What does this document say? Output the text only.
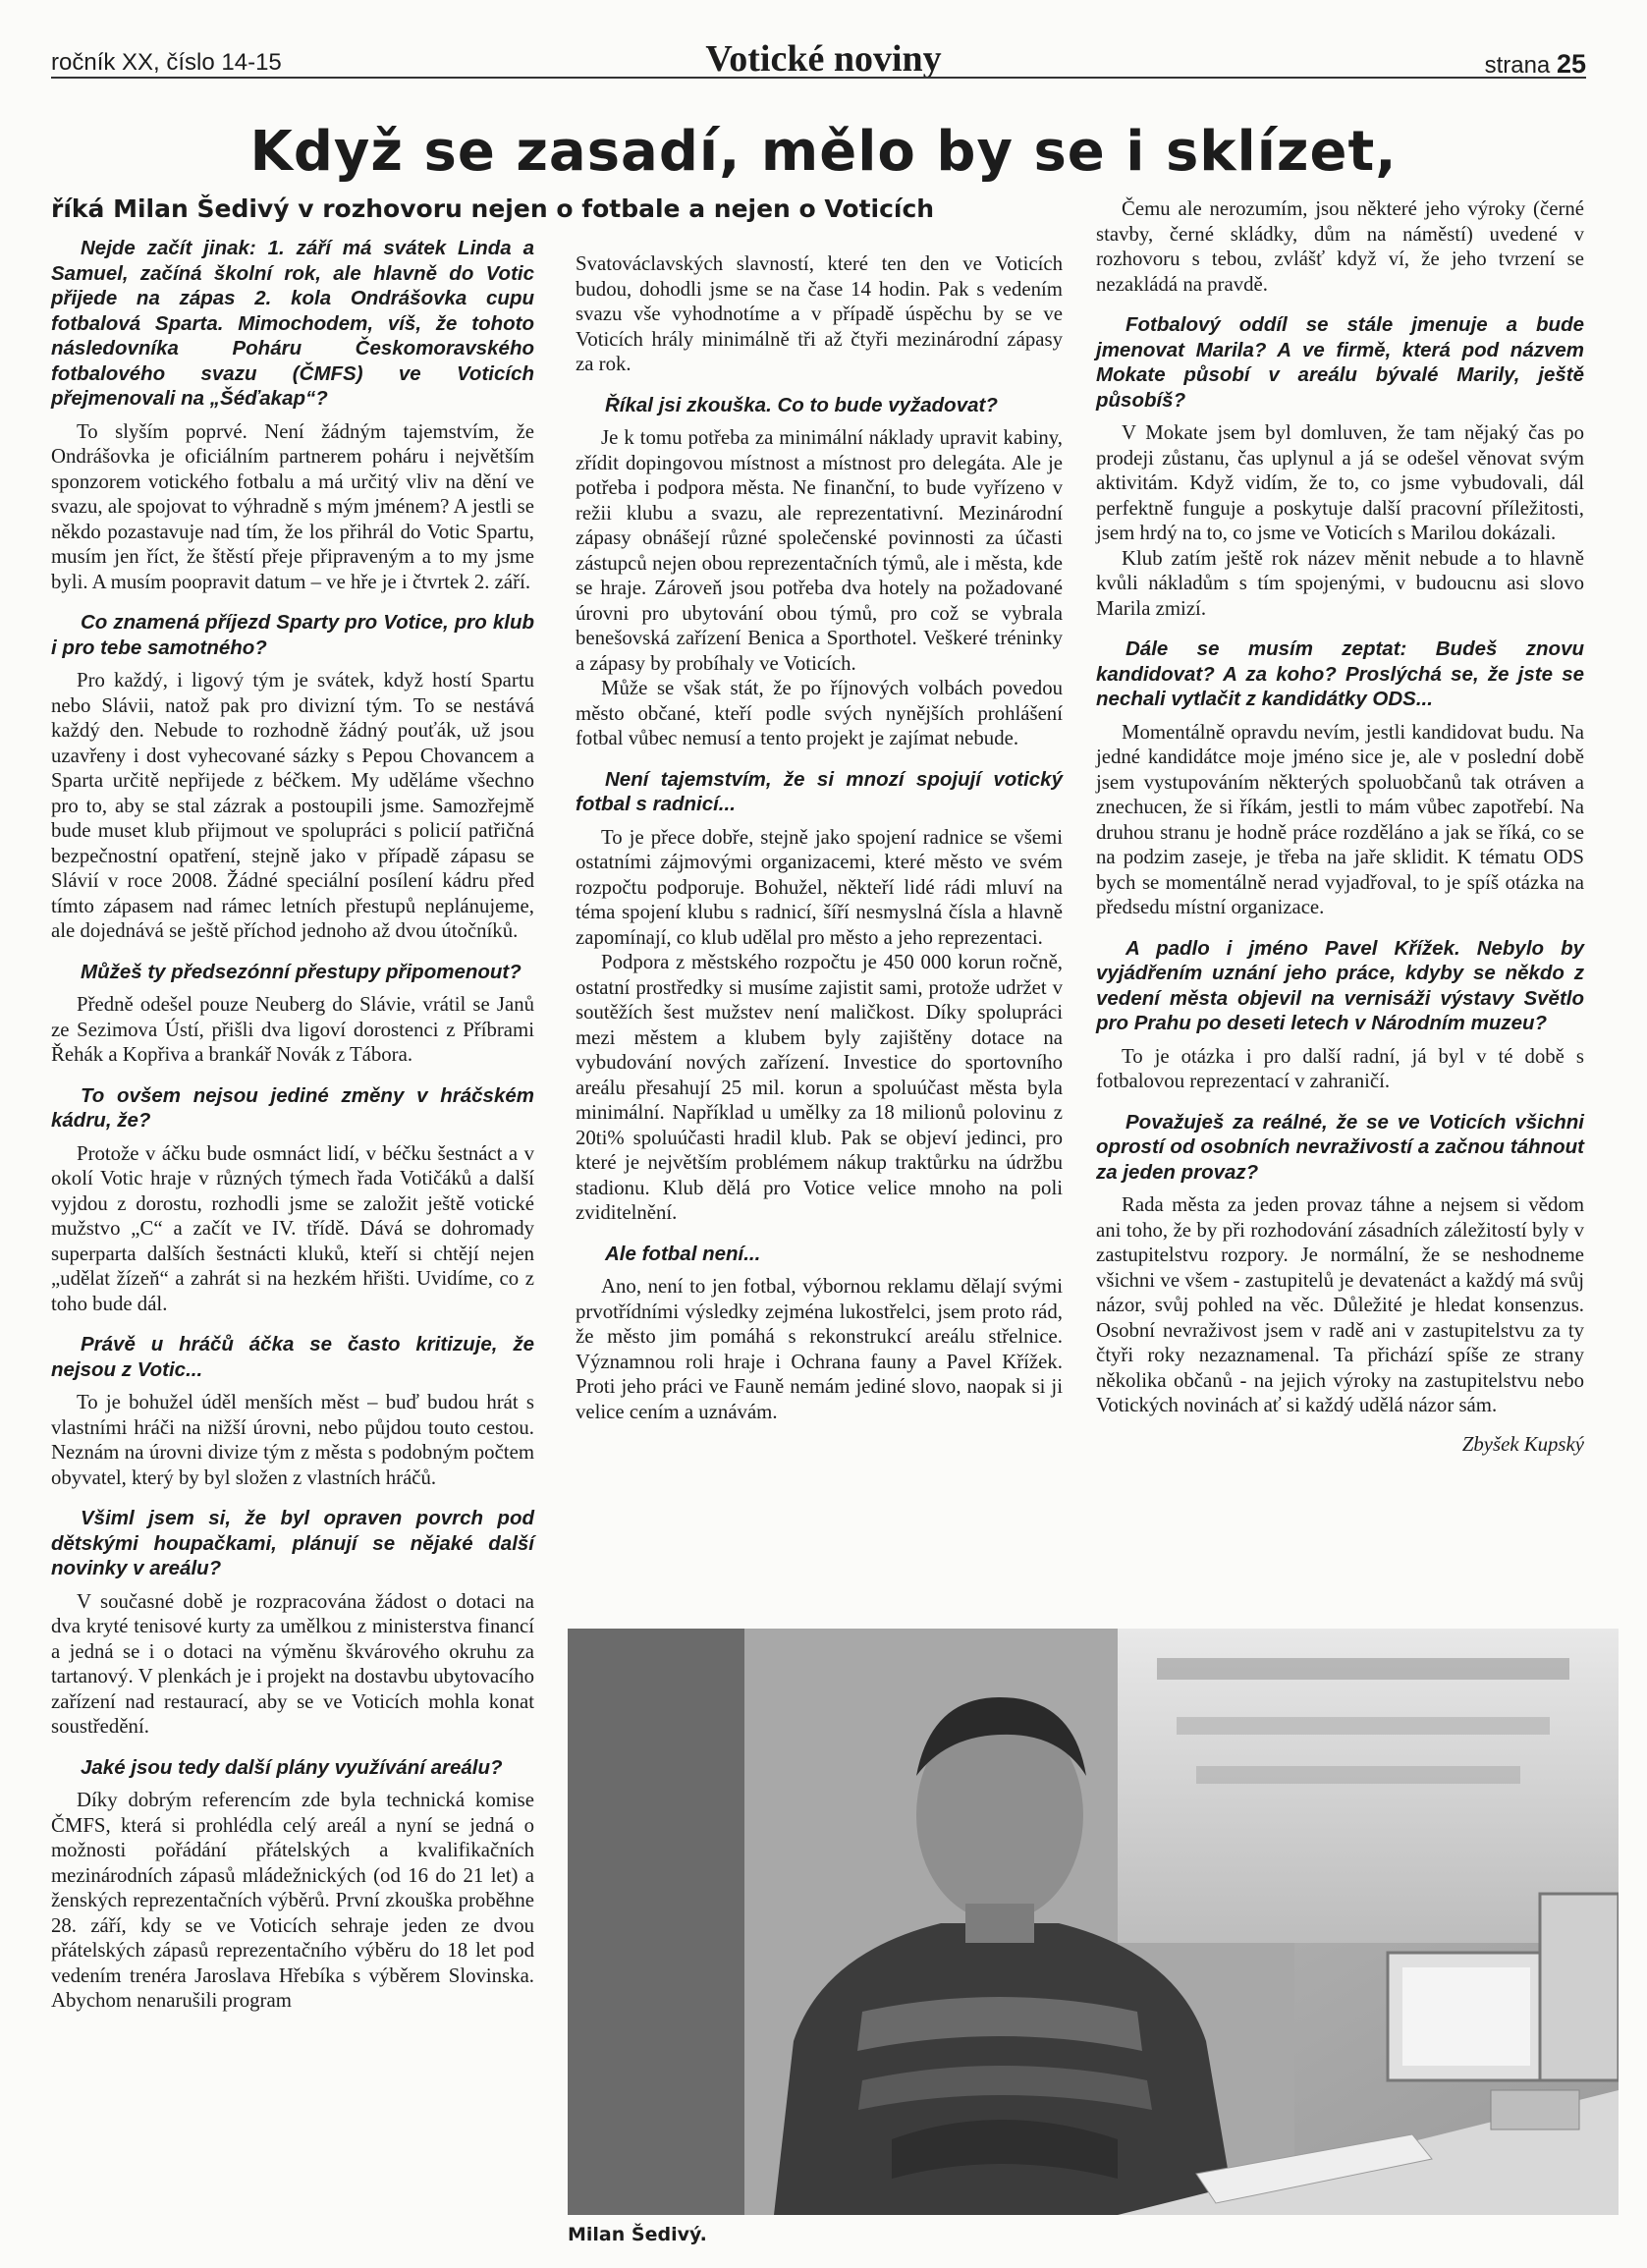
ročník XX, číslo 14-15	Votické noviny	strana 25
Když se zasadí, mělo by se i sklízet,
říká Milan Šedivý v rozhovoru nejen o fotbale a nejen o Voticích

Nejde začít jinak: 1. září má svátek Linda a Samuel, začíná školní rok, ale hlavně do Votic přijede na zápas 2. kola Ondrášovka cupu fotbalová Sparta. Mimochodem, víš, že tohoto následovníka Poháru Českomoravského fotbalového svazu (ČMFS) ve Voticích přejmenovali na „Šéďakap“?

To slyším poprvé. Není žádným tajemstvím, že Ondrášovka je oficiálním partnerem poháru i největším sponzorem votického fotbalu a má určitý vliv na dění ve svazu, ale spojovat to výhradně s mým jménem? A jestli se někdo pozastavuje nad tím, že los přihrál do Votic Spartu, musím jen říct, že štěstí přeje připraveným a to my jsme byli. A musím poopravit datum – ve hře je i čtvrtek 2. září.

Co znamená příjezd Sparty pro Votice, pro klub i pro tebe samotného?

Pro každý, i ligový tým je svátek, když hostí Spartu nebo Slávii, natož pak pro divizní tým. To se nestává každý den. Nebude to rozhodně žádný pouťák, už jsou uzavřeny i dost vyhecované sázky s Pepou Chovancem a Sparta určitě nepřijede z béčkem. My uděláme všechno pro to, aby se stal zázrak a postoupili jsme. Samozřejmě bude muset klub přijmout ve spolupráci s policií patřičná bezpečnostní opatření, stejně jako v případě zápasu se Slávií v roce 2008. Žádné speciální posílení kádru před tímto zápasem nad rámec letních přestupů neplánujeme, ale dojednává se ještě příchod jednoho až dvou útočníků.

Můžeš ty předsezónní přestupy připomenout?

Předně odešel pouze Neuberg do Slávie, vrátil se Janů ze Sezimova Ústí, přišli dva ligoví dorostenci z Příbrami Řehák a Kopřiva a brankář Novák z Tábora.

To ovšem nejsou jediné změny v hráčském kádru, že?

Protože v áčku bude osmnáct lidí, v béčku šestnáct a v okolí Votic hraje v různých týmech řada Votičáků a další vyjdou z dorostu, rozhodli jsme se založit ještě votické mužstvo „C“ a začít ve IV. třídě. Dává se dohromady superparta dalších šestnácti kluků, kteří si chtějí nejen „udělat žízeň“ a zahrát si na hezkém hřišti. Uvidíme, co z toho bude dál.

Právě u hráčů áčka se často kritizuje, že nejsou z Votic...

To je bohužel úděl menších měst – buď budou hrát s vlastními hráči na nižší úrovni, nebo půjdou touto cestou. Neznám na úrovni divize tým z města s podobným počtem obyvatel, který by byl složen z vlastních hráčů.

Všiml jsem si, že byl opraven povrch pod dětskými houpačkami, plánují se nějaké další novinky v areálu?

V současné době je rozpracována žádost o dotaci na dva kryté tenisové kurty za umělkou z ministerstva financí a jedná se i o dotaci na výměnu škvárového okruhu za tartanový. V plenkách je i projekt na dostavbu ubytovacího zařízení nad restaurací, aby se ve Voticích mohla konat soustředění.

Jaké jsou tedy další plány využívání areálu?

Díky dobrým referencím zde byla technická komise ČMFS, která si prohlédla celý areál a nyní se jedná o možnosti pořádání přátelských a kvalifikačních mezinárodních zápasů mládežnických (od 16 do 21 let) a ženských reprezentačních výběrů. První zkouška proběhne 28. září, kdy se ve Voticích sehraje jeden ze dvou přátelských zápasů reprezentačního výběru do 18 let pod vedením trenéra Jaroslava Hřebíka s výběrem Slovinska. Abychom nenarušili program

Svatováclavských slavností, které ten den ve Voticích budou, dohodli jsme se na čase 14 hodin. Pak s vedením svazu vše vyhodnotíme a v případě úspěchu by se ve Voticích hrály minimálně tři až čtyři mezinárodní zápasy za rok.

Říkal jsi zkouška. Co to bude vyžadovat?

Je k tomu potřeba za minimální náklady upravit kabiny, zřídit dopingovou místnost a místnost pro delegáta. Ale je potřeba i podpora města. Ne finanční, to bude vyřízeno v režii klubu a svazu, ale reprezentativní. Mezinárodní zápasy obnášejí různé společenské povinnosti za účasti zástupců nejen obou reprezentačních týmů, ale i města, kde se hraje. Zároveň jsou potřeba dva hotely na požadované úrovni pro ubytování obou týmů, pro což se vybrala benešovská zařízení Benica a Sporthotel. Veškeré tréninky a zápasy by probíhaly ve Voticích.

Může se však stát, že po říjnových volbách povedou město občané, kteří podle svých nynějších prohlášení fotbal vůbec nemusí a tento projekt je zajímat nebude.

Není tajemstvím, že si mnozí spojují votický fotbal s radnicí...

To je přece dobře, stejně jako spojení radnice se všemi ostatními zájmovými organizacemi, které město ve svém rozpočtu podporuje. Bohužel, někteří lidé rádi mluví na téma spojení klubu s radnicí, šíří nesmyslná čísla a hlavně zapomínají, co klub udělal pro město a jeho reprezentaci.

Podpora z městského rozpočtu je 450 000 korun ročně, ostatní prostředky si musíme zajistit sami, protože udržet v soutěžích šest mužstev není maličkost. Díky spolupráci mezi městem a klubem byly zajištěny dotace na vybudování nových zařízení. Investice do sportovního areálu přesahují 25 mil. korun a spoluúčast města byla minimální. Například u umělky za 18 milionů polovinu z 20ti% spoluúčasti hradil klub. Pak se objeví jedinci, pro které je největším problémem nákup traktůrku na údržbu stadionu. Klub dělá pro Votice velice mnoho na poli zviditelnění.

Ale fotbal není...

Ano, není to jen fotbal, výbornou reklamu dělají svými prvotřídními výsledky zejména lukostřelci, jsem proto rád, že město jim pomáhá s rekonstrukcí areálu střelnice. Významnou roli hraje i Ochrana fauny a Pavel Křížek. Proti jeho práci ve Fauně nemám jediné slovo, naopak si ji velice cením a uznávám.

Čemu ale nerozumím, jsou některé jeho výroky (černé stavby, černé skládky, dům na náměstí) uvedené v rozhovoru s tebou, zvlášť když ví, že jeho tvrzení se nezakládá na pravdě.

Fotbalový oddíl se stále jmenuje a bude jmenovat Marila? A ve firmě, která pod názvem Mokate působí v areálu bývalé Marily, ještě působíš?

V Mokate jsem byl domluven, že tam nějaký čas po prodeji zůstanu, čas uplynul a já se odešel věnovat svým aktivitám. Když vidím, že to, co jsme vybudovali, dál perfektně funguje a poskytuje další pracovní příležitosti, jsem hrdý na to, co jsme ve Voticích s Marilou dokázali.

Klub zatím ještě rok název měnit nebude a to hlavně kvůli nákladům s tím spojenými, v budoucnu asi slovo Marila zmizí.

Dále se musím zeptat: Budeš znovu kandidovat? A za koho? Proslýchá se, že jste se nechali vytlačit z kandidátky ODS...

Momentálně opravdu nevím, jestli kandidovat budu. Na jedné kandidátce moje jméno sice je, ale v poslední době jsem vystupováním některých spoluobčanů tak otráven a znechucen, že si říkám, jestli to mám vůbec zapotřebí. Na druhou stranu je hodně práce rozděláno a jak se říká, co se na podzim zaseje, je třeba na jaře sklidit. K tématu ODS bych se momentálně nerad vyjadřoval, to je spíš otázka na předsedu místní organizace.

A padlo i jméno Pavel Křížek. Nebylo by vyjádřením uznání jeho práce, kdyby se někdo z vedení města objevil na vernisáži výstavy Světlo pro Prahu po deseti letech v Národním muzeu?

To je otázka i pro další radní, já byl v té době s fotbalovou reprezentací v zahraničí.

Považuješ za reálné, že se ve Voticích všichni oprostí od osobních nevraživostí a začnou táhnout za jeden provaz?

Rada města za jeden provaz táhne a nejsem si vědom ani toho, že by při rozhodování zásadních záležitostí byly v zastupitelstvu rozpory. Je normální, že se neshodneme všichni ve všem - zastupitelů je devatenáct a každý má svůj názor, svůj pohled na věc. Důležité je hledat konsenzus. Osobní nevraživost jsem v radě ani v zastupitelstvu za ty čtyři roky nezaznamenal. Ta přichází spíše ze strany několika občanů - na jejich výroky na zastupitelstvu nebo Votických novinách ať si každý udělá názor sám.

Zbyšek Kupský

Milan Šedivý.
